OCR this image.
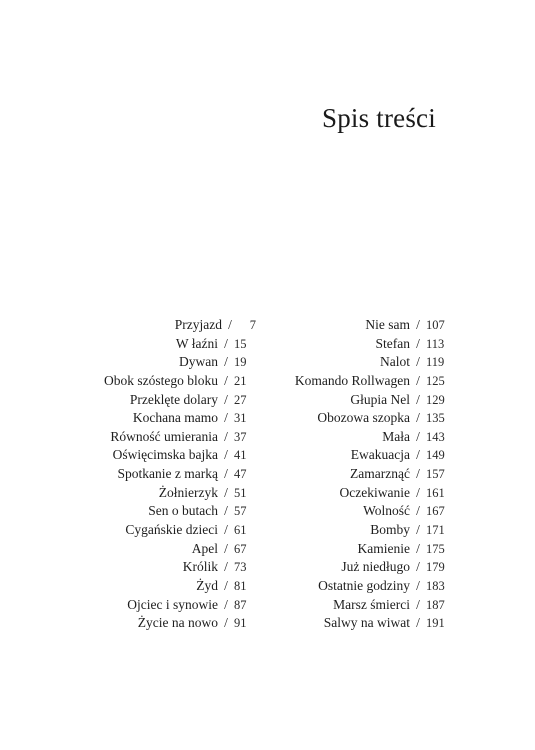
Spis treści
Przyjazd /	7
W łaźni / 15
Dywan / 19
Obok szóstego bloku / 21
Przeklęte dolary / 27
Kochana mamo / 31
Równość umierania / 37
Oświęcimska bajka / 41
Spotkanie z marką / 47
Żołnierzyk / 51
Sen o butach / 57
Cygańskie dzieci / 61
Apel / 67
Królik / 73
Żyd / 81
Ojciec i synowie / 87
Życie na nowo / 91
Nie sam / 107
Stefan / 113
Nalot / 119
Komando Rollwagen / 125
Głupia Nel / 129
Obozowa szopka / 135
Mała / 143
Ewakuacja / 149
Zamarznąć / 157
Oczekiwanie / 161
Wolność / 167
Bomby / 171
Kamienie / 175
Już niedługo / 179
Ostatnie godziny / 183
Marsz śmierci / 187
Salwy na wiwat / 191
